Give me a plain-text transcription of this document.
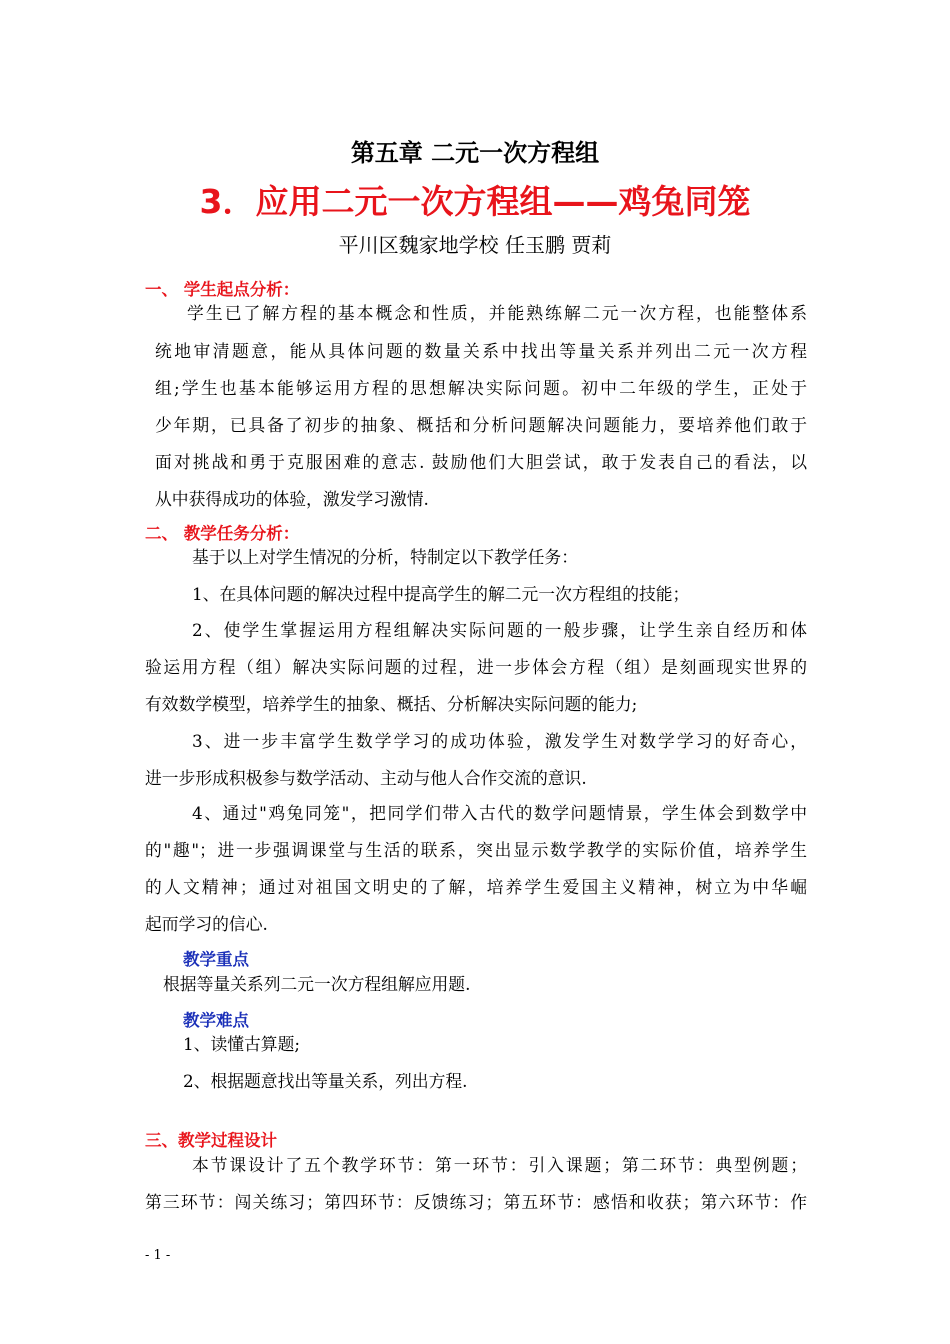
第五章 二元一次方程组
3．应用二元一次方程组——鸡兔同笼
平川区魏家地学校 任玉鹏 贾莉
一、 学生起点分析：
学生已了解方程的基本概念和性质，并能熟练解二元一次方程，也能整体系
统地审清题意，能从具体问题的数量关系中找出等量关系并列出二元一次方程
组;学生也基本能够运用方程的思想解决实际问题。初中二年级的学生，正处于
少年期，已具备了初步的抽象、概括和分析问题解决问题能力，要培养他们敢于
面对挑战和勇于克服困难的意志. 鼓励他们大胆尝试，敢于发表自己的看法，以
从中获得成功的体验，激发学习激情.
二、 教学任务分析：
基于以上对学生情况的分析，特制定以下教学任务：
1、在具体问题的解决过程中提高学生的解二元一次方程组的技能；
2、使学生掌握运用方程组解决实际问题的一般步骤，让学生亲自经历和体
验运用方程（组）解决实际问题的过程，进一步体会方程（组）是刻画现实世界的
有效数学模型，培养学生的抽象、概括、分析解决实际问题的能力;
3、进一步丰富学生数学学习的成功体验，激发学生对数学学习的好奇心，
进一步形成积极参与数学活动、主动与他人合作交流的意识.
4、通过"鸡兔同笼"，把同学们带入古代的数学问题情景，学生体会到数学中
的"趣"；进一步强调课堂与生活的联系，突出显示数学教学的实际价值，培养学生
的人文精神；通过对祖国文明史的了解，培养学生爱国主义精神，树立为中华崛
起而学习的信心.
教学重点
根据等量关系列二元一次方程组解应用题.
教学难点
1、读懂古算题;
2、根据题意找出等量关系，列出方程.
三、教学过程设计
本节课设计了五个教学环节：第一环节：引入课题；第二环节：典型例题；
第三环节：闯关练习；第四环节：反馈练习；第五环节：感悟和收获；第六环节：作
- 1 -
